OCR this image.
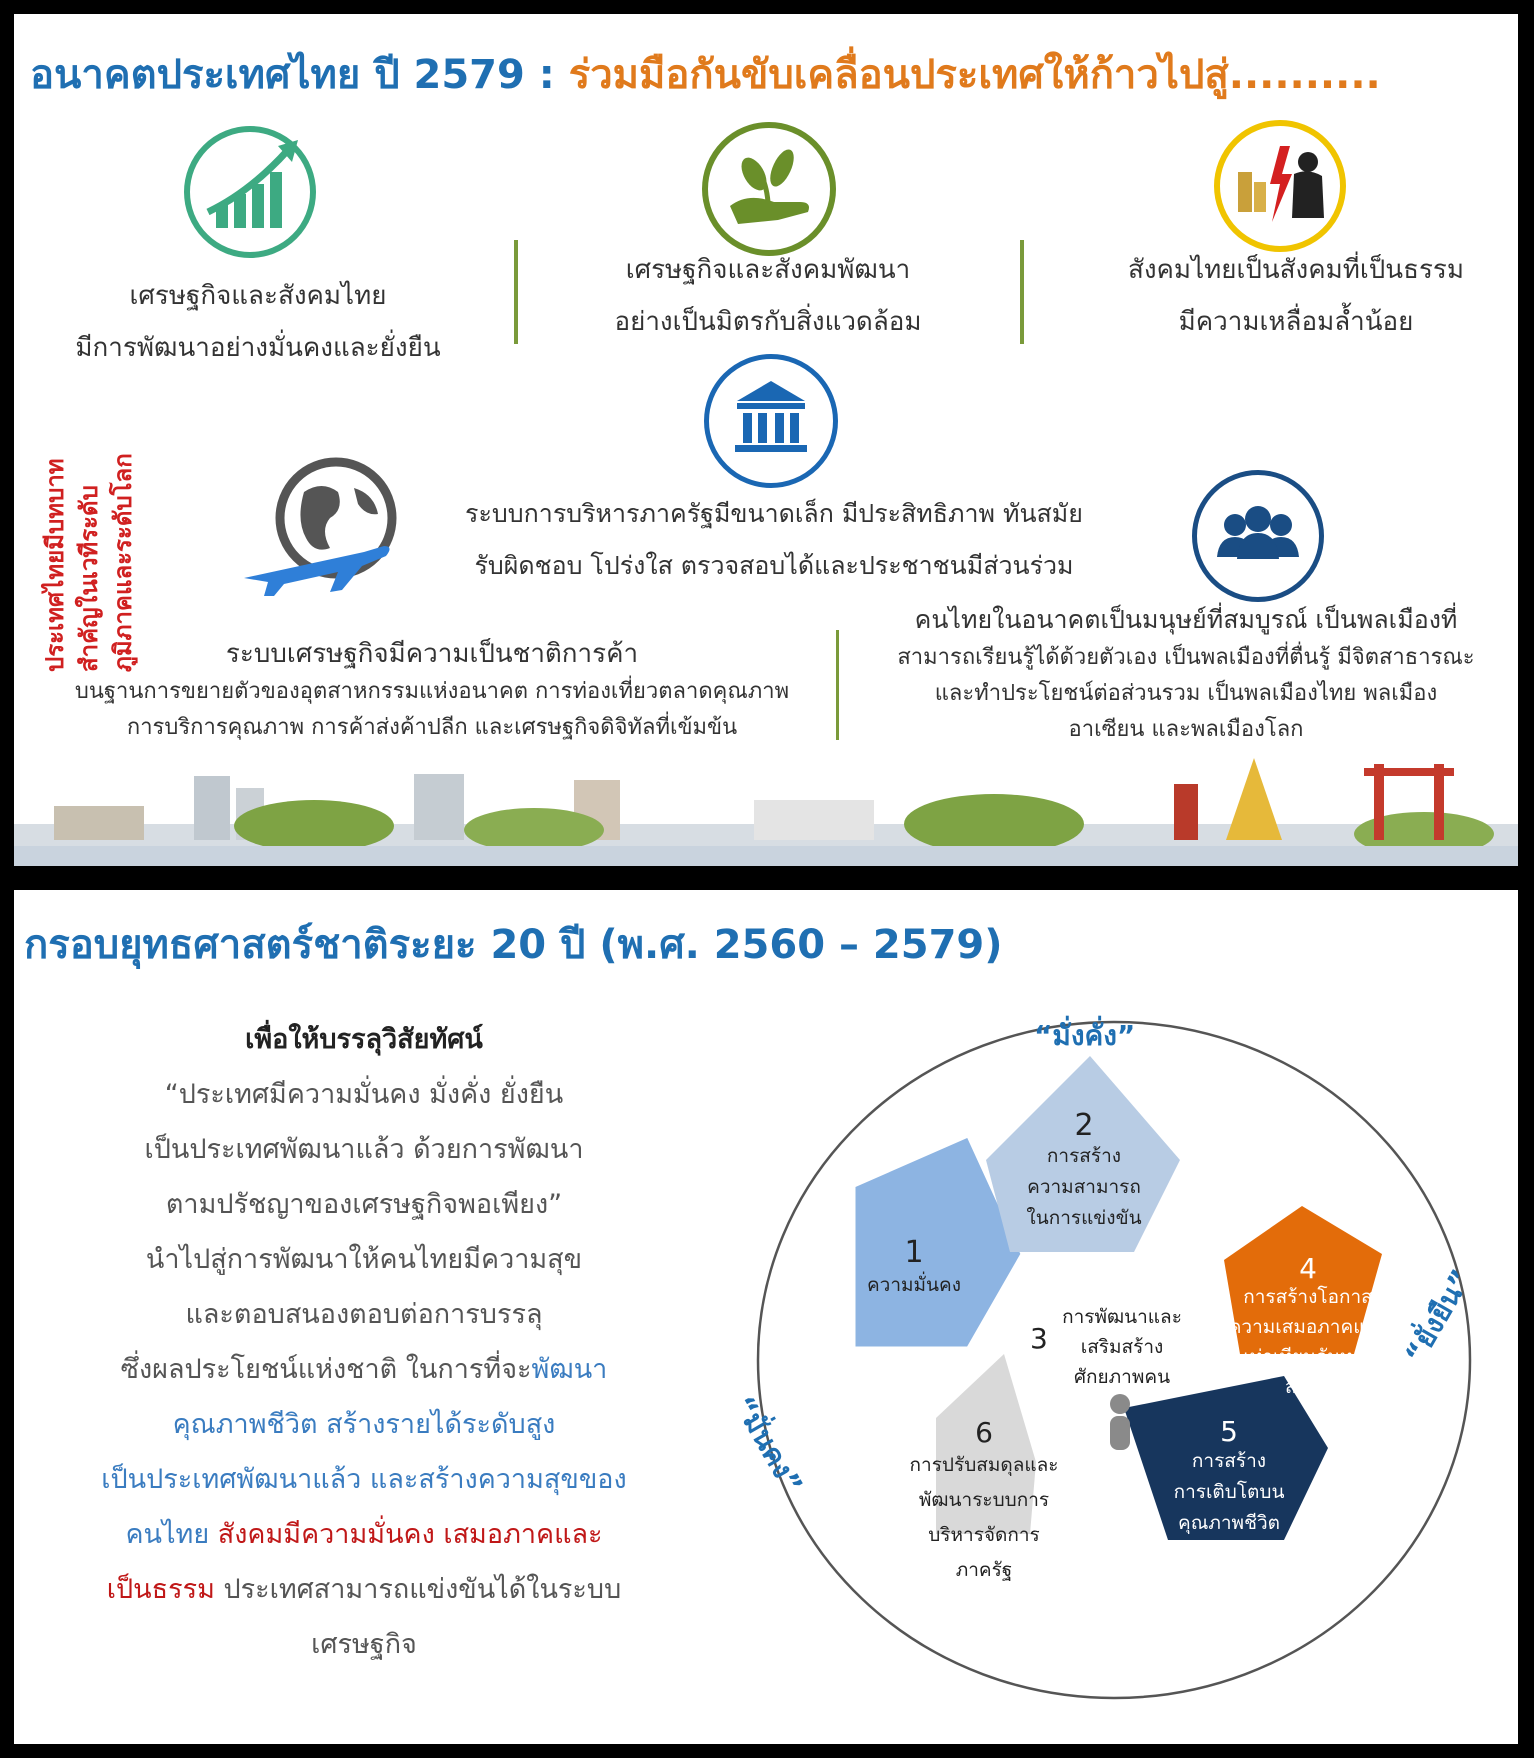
อนาคตประเทศไทย ปี 2579 : ร่วมมือกันขับเคลื่อนประเทศให้ก้าวไปสู่..........
เศรษฐกิจและสังคมไทย
มีการพัฒนาอย่างมั่นคงและยั่งยืน
เศรษฐกิจและสังคมพัฒนา
อย่างเป็นมิตรกับสิ่งแวดล้อม
สังคมไทยเป็นสังคมที่เป็นธรรม
มีความเหลื่อมล้ำน้อย
ระบบการบริหารภาครัฐมีขนาดเล็ก มีประสิทธิภาพ ทันสมัย
รับผิดชอบ โปร่งใส ตรวจสอบได้และประชาชนมีส่วนร่วม
ประเทศไทยมีบทบาท สำคัญในเวทีระดับ ภูมิภาคและระดับโลก	ระบบเศรษฐกิจมีความเป็นชาติการค้า
บนฐานการขยายตัวของอุตสาหกรรมแห่งอนาคต การท่องเที่ยวตลาดคุณภาพ
การบริการคุณภาพ การค้าส่งค้าปลีก และเศรษฐกิจดิจิทัลที่เข้มข้น
คนไทยในอนาคตเป็นมนุษย์ที่สมบูรณ์ เป็นพลเมืองที่
สามารถเรียนรู้ได้ด้วยตัวเอง เป็นพลเมืองที่ตื่นรู้ มีจิตสาธารณะ
และทำประโยชน์ต่อส่วนรวม เป็นพลเมืองไทย พลเมือง
อาเซียน และพลเมืองโลก
กรอบยุทธศาสตร์ชาติระยะ 20 ปี (พ.ศ. 2560 – 2579)
เพื่อให้บรรลุวิสัยทัศน์
“ประเทศมีความมั่นคง มั่งคั่ง ยั่งยืน
เป็นประเทศพัฒนาแล้ว ด้วยการพัฒนา
ตามปรัชญาของเศรษฐกิจพอเพียง”
นำไปสู่การพัฒนาให้คนไทยมีความสุข
และตอบสนองตอบต่อการบรรลุ
ซึ่งผลประโยชน์แห่งชาติ ในการที่จะพัฒนา
คุณภาพชีวิต สร้างรายได้ระดับสูง
เป็นประเทศพัฒนาแล้ว และสร้างความสุขของ
คนไทย สังคมมีความมั่นคง เสมอภาคและ
เป็นธรรม ประเทศสามารถแข่งขันได้ในระบบ
เศรษฐกิจ
“มั่งคั่ง”
“มั่นคง”
“ยั่งยืน”
1
ความมั่นคง
2
การสร้าง
ความสามารถ
ในการแข่งขัน
3
การพัฒนาและ
เสริมสร้าง
ศักยภาพคน
4
การสร้างโอกาส
ความเสมอภาคและ
เท่าเทียมกันทาง
สังคม
5
การสร้าง
การเติบโตบน
คุณภาพชีวิต
ที่เป็นมิตรต่อ
สิ่งแวดล้อม
6
การปรับสมดุลและ
พัฒนาระบบการ
บริหารจัดการ
ภาครัฐ
